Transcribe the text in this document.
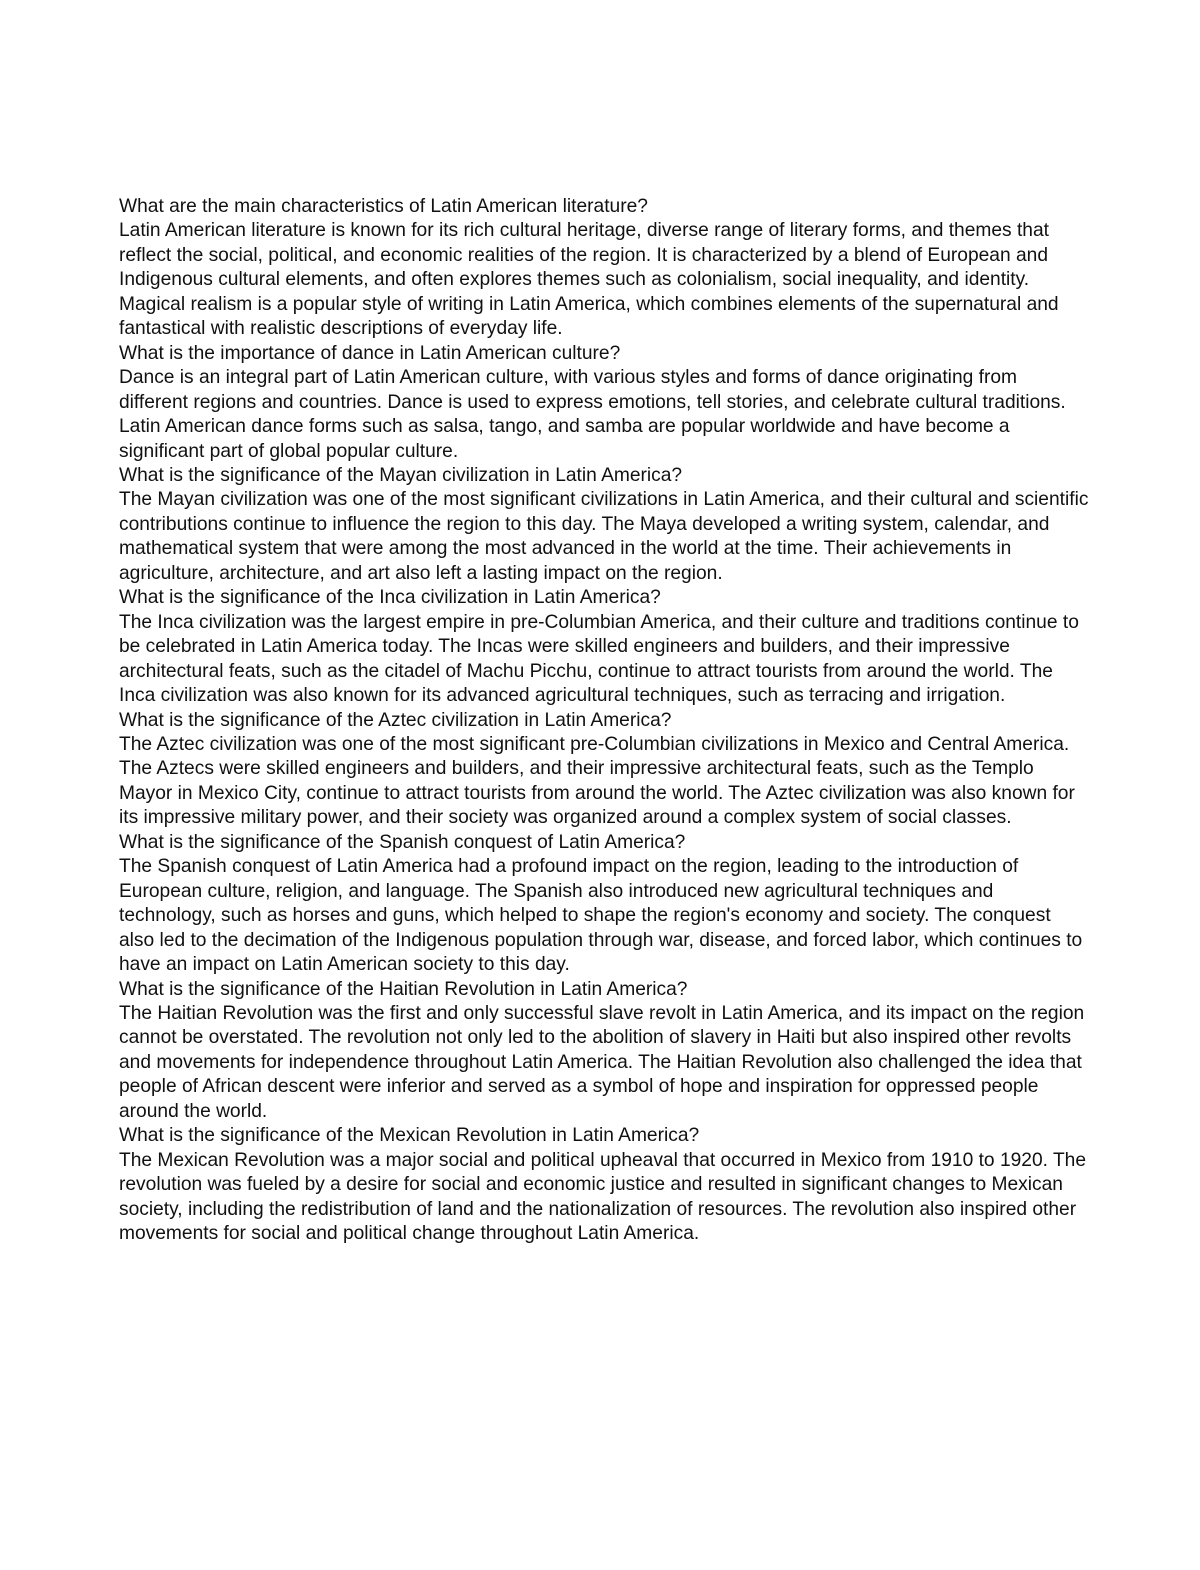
What are the main characteristics of Latin American literature?

Latin American literature is known for its rich cultural heritage, diverse range of literary forms, and themes that reflect the social, political, and economic realities of the region. It is characterized by a blend of European and Indigenous cultural elements, and often explores themes such as colonialism, social inequality, and identity. Magical realism is a popular style of writing in Latin America, which combines elements of the supernatural and fantastical with realistic descriptions of everyday life.

What is the importance of dance in Latin American culture?

Dance is an integral part of Latin American culture, with various styles and forms of dance originating from different regions and countries. Dance is used to express emotions, tell stories, and celebrate cultural traditions. Latin American dance forms such as salsa, tango, and samba are popular worldwide and have become a significant part of global popular culture.

What is the significance of the Mayan civilization in Latin America?

The Mayan civilization was one of the most significant civilizations in Latin America, and their cultural and scientific contributions continue to influence the region to this day. The Maya developed a writing system, calendar, and mathematical system that were among the most advanced in the world at the time. Their achievements in agriculture, architecture, and art also left a lasting impact on the region.

What is the significance of the Inca civilization in Latin America?

The Inca civilization was the largest empire in pre-Columbian America, and their culture and traditions continue to be celebrated in Latin America today. The Incas were skilled engineers and builders, and their impressive architectural feats, such as the citadel of Machu Picchu, continue to attract tourists from around the world. The Inca civilization was also known for its advanced agricultural techniques, such as terracing and irrigation.

What is the significance of the Aztec civilization in Latin America?

The Aztec civilization was one of the most significant pre-Columbian civilizations in Mexico and Central America. The Aztecs were skilled engineers and builders, and their impressive architectural feats, such as the Templo Mayor in Mexico City, continue to attract tourists from around the world. The Aztec civilization was also known for its impressive military power, and their society was organized around a complex system of social classes.

What is the significance of the Spanish conquest of Latin America?

The Spanish conquest of Latin America had a profound impact on the region, leading to the introduction of European culture, religion, and language. The Spanish also introduced new agricultural techniques and technology, such as horses and guns, which helped to shape the region's economy and society. The conquest also led to the decimation of the Indigenous population through war, disease, and forced labor, which continues to have an impact on Latin American society to this day.

What is the significance of the Haitian Revolution in Latin America?

The Haitian Revolution was the first and only successful slave revolt in Latin America, and its impact on the region cannot be overstated. The revolution not only led to the abolition of slavery in Haiti but also inspired other revolts and movements for independence throughout Latin America. The Haitian Revolution also challenged the idea that people of African descent were inferior and served as a symbol of hope and inspiration for oppressed people around the world.

What is the significance of the Mexican Revolution in Latin America?

The Mexican Revolution was a major social and political upheaval that occurred in Mexico from 1910 to 1920. The revolution was fueled by a desire for social and economic justice and resulted in significant changes to Mexican society, including the redistribution of land and the nationalization of resources. The revolution also inspired other movements for social and political change throughout Latin America.
